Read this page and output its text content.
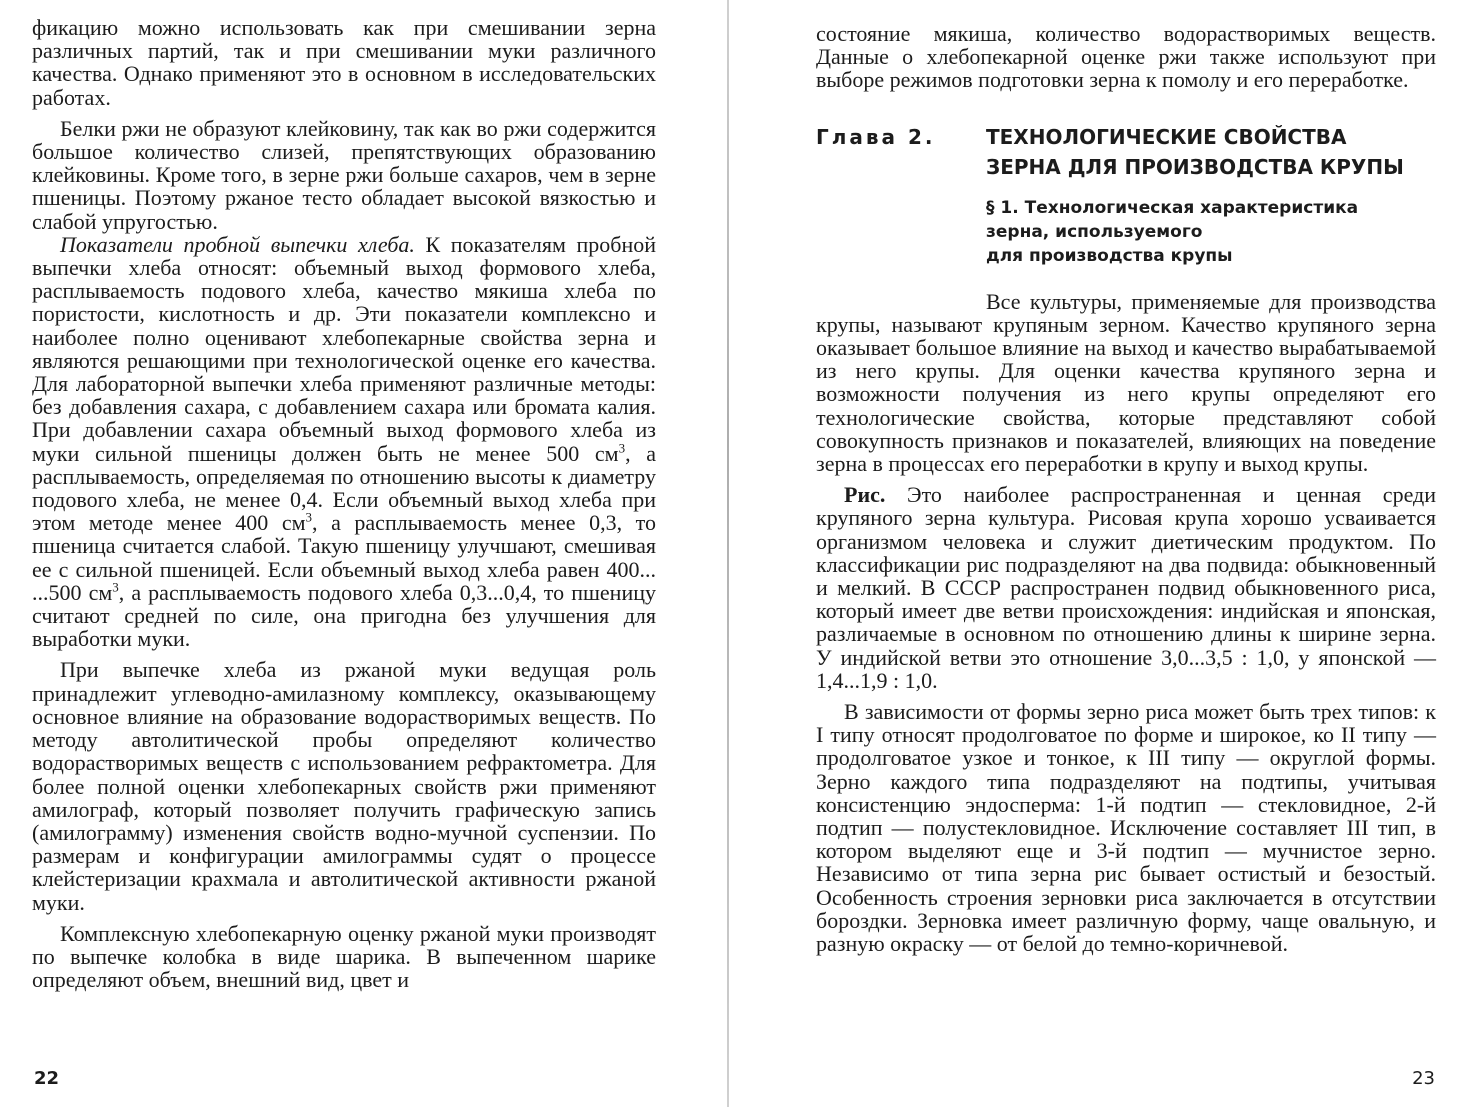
фикацию можно использовать как при смешивании зерна различных партий, так и при смешивании муки различного качества. Однако применяют это в основном в исследовательских работах.

Белки ржи не образуют клейковину, так как во ржи содержится большое количество слизей, препятствующих образованию клейковины. Кроме того, в зерне ржи больше сахаров, чем в зерне пшеницы. Поэтому ржаное тесто обладает высокой вязкостью и слабой упругостью.

Показатели пробной выпечки хлеба. К показателям пробной выпечки хлеба относят: объемный выход формового хлеба, расплываемость подового хлеба, качество мякиша хлеба по пористости, кислотность и др. Эти показатели комплексно и наиболее полно оценивают хлебопекарные свойства зерна и являются решающими при технологической оценке его качества. Для лабораторной выпечки хлеба применяют различные методы: без добавления сахара, с добавлением сахара или бромата калия. При добавлении сахара объемный выход формового хлеба из муки сильной пшеницы должен быть не менее 500 $см^3$, а расплываемость, определяемая по отношению высоты к диаметру подового хлеба, не менее 0,4. Если объемный выход хлеба при этом методе менее 400 $см^3$, а расплываемость менее 0,3, то пшеница считается слабой. Такую пшеницу улучшают, смешивая ее с сильной пшеницей. Если объемный выход хлеба равен 400... ...500 $см^3$, а расплываемость подового хлеба 0,3...0,4, то пшеницу считают средней по силе, она пригодна без улучшения для выработки муки.

При выпечке хлеба из ржаной муки ведущая роль принадлежит углеводно-амилазному комплексу, оказывающему основное влияние на образование водорастворимых веществ. По методу автолитической пробы определяют количество водорастворимых веществ с использованием рефрактометра. Для более полной оценки хлебопекарных свойств ржи применяют амилограф, который позволяет получить графическую запись (амилограмму) изменения свойств водно-мучной суспензии. По размерам и конфигурации амилограммы судят о процессе клейстеризации крахмала и автолитической активности ржаной муки.

Комплексную хлебопекарную оценку ржаной муки производят по выпечке колобка в виде шарика. В выпеченном шарике определяют объем, внешний вид, цвет и

22

состояние мякиша, количество водорастворимых веществ. Данные о хлебопекарной оценке ржи также используют при выборе режимов подготовки зерна к помолу и его переработке.

Глава 2.	ТЕХНОЛОГИЧЕСКИЕ СВОЙСТВА
ЗЕРНА ДЛЯ ПРОИЗВОДСТВА КРУПЫ
§ 1. Технологическая характеристика
зерна, используемого
для производства крупы

Все культуры, применяемые для производства крупы, называют крупяным зерном. Качество крупяного зерна оказывает большое влияние на выход и качество вырабатываемой из него крупы. Для оценки качества крупяного зерна и возможности получения из него крупы определяют его технологические свойства, которые представляют собой совокупность признаков и показателей, влияющих на поведение зерна в процессах его переработки в крупу и выход крупы.

Рис. Это наиболее распространенная и ценная среди крупяного зерна культура. Рисовая крупа хорошо усваивается организмом человека и служит диетическим продуктом. По классификации рис подразделяют на два подвида: обыкновенный и мелкий. В СССР распространен подвид обыкновенного риса, который имеет две ветви происхождения: индийская и японская, различаемые в основном по отношению длины к ширине зерна. У индийской ветви это отношение 3,0...3,5 : 1,0, у японской — 1,4...1,9 : 1,0.

В зависимости от формы зерно риса может быть трех типов: к I типу относят продолговатое по форме и широкое, ко II типу — продолговатое узкое и тонкое, к III типу — округлой формы. Зерно каждого типа подразделяют на подтипы, учитывая консистенцию эндосперма: 1-й подтип — стекловидное, 2-й подтип — полустекловидное. Исключение составляет III тип, в котором выделяют еще и 3-й подтип — мучнистое зерно. Независимо от типа зерна рис бывает остистый и безостый. Особенность строения зерновки риса заключается в отсутствии бороздки. Зерновка имеет различную форму, чаще овальную, и разную окраску — от белой до темно-коричневой.

23
